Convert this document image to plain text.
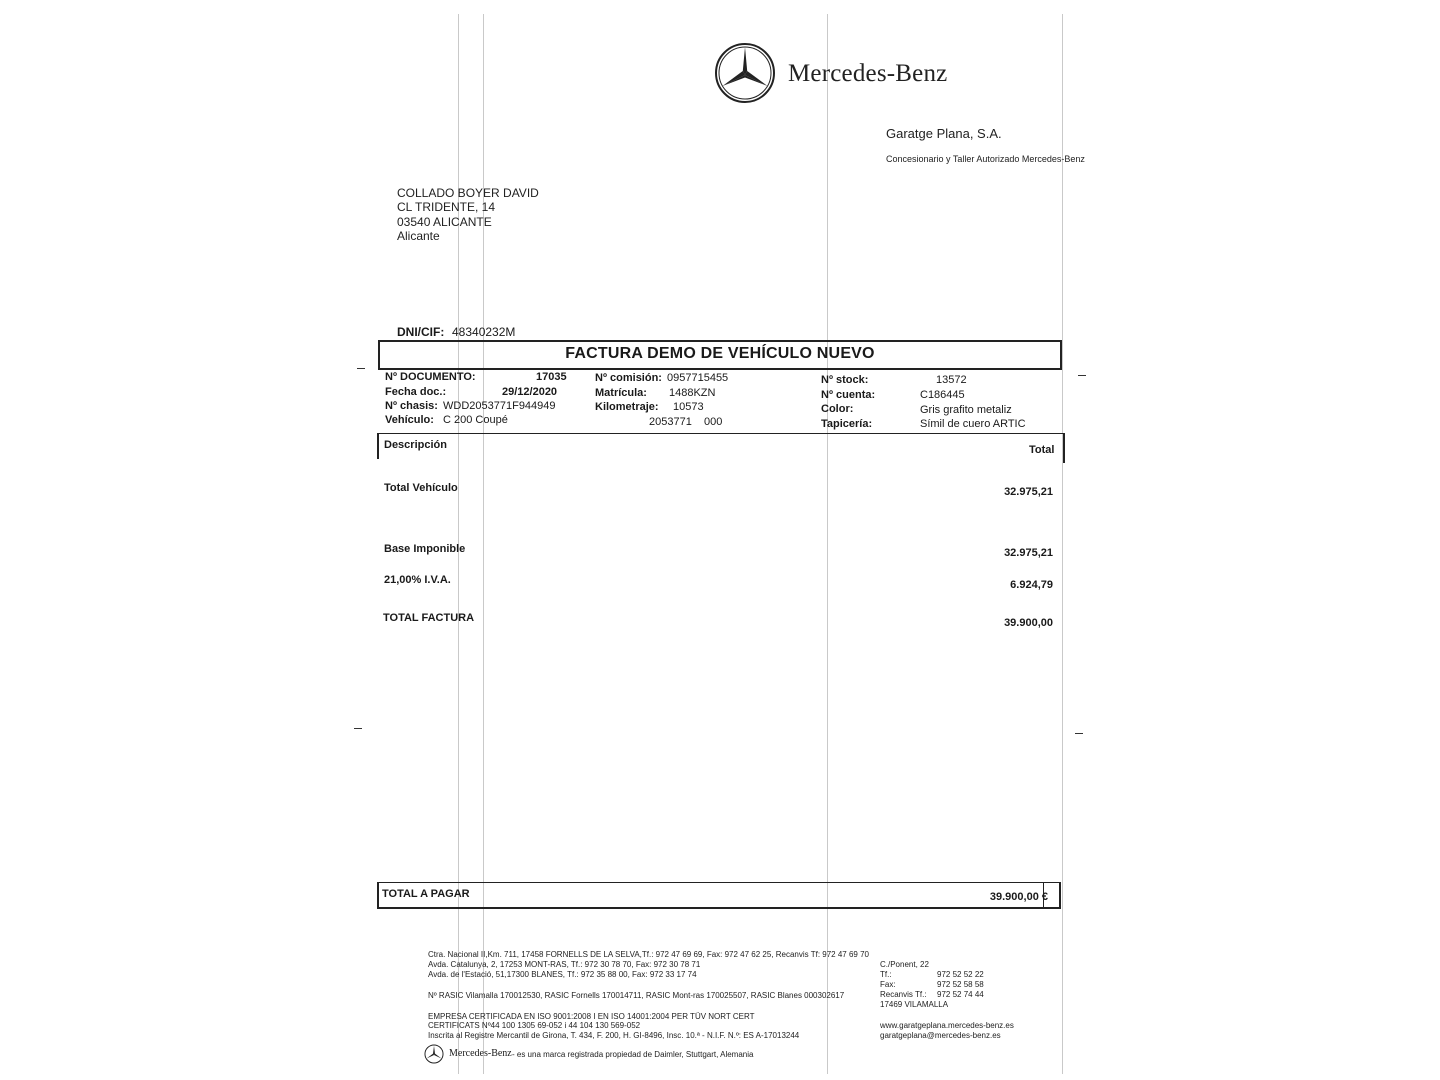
Mercedes-Benz
Garatge Plana, S.A.
Concesionario y Taller Autorizado Mercedes-Benz
COLLADO BOYER DAVID
CL TRIDENTE, 14
03540 ALICANTE
Alicante
DNI/CIF: 48340232M
FACTURA DEMO DE VEHÍCULO NUEVO
Nº DOCUMENTO:	17035
Fecha doc.:	29/12/2020
Nº chasis: WDD2053771F944949
Vehículo: C 200 Coupé
Nº comisión: 0957715455
Matrícula: 1488KZN
Kilometraje: 10573
2053771    000
Nº stock:	13572
Nº cuenta:	C186445
Color:	Gris grafito metaliz
Tapicería:	Símil de cuero ARTIC
Descripción	Total
Total Vehículo	32.975,21
Base Imponible	32.975,21
21,00% I.V.A.	6.924,79
TOTAL FACTURA	39.900,00
TOTAL A PAGAR	39.900,00 €
Ctra. Nacional II,Km. 711, 17458 FORNELLS DE LA SELVA,Tf.: 972 47 69 69, Fax: 972 47 62 25, Recanvis Tf: 972 47 69 70
Avda. Catalunya, 2, 17253 MONT-RAS, Tf.: 972 30 78 70, Fax: 972 30 78 71
Avda. de l'Estació, 51,17300 BLANES, Tf.: 972 35 88 00, Fax: 972 33 17 74
Nº RASIC Vilamalla 170012530, RASIC Fornells 170014711, RASIC Mont-ras 170025507, RASIC Blanes 000302617
EMPRESA CERTIFICADA EN ISO 9001:2008 I EN ISO 14001:2004 PER TÜV NORT CERT
CERTIFICATS Nº44 100 1305 69-052 i 44 104 130 569-052
Inscrita al Registre Mercantil de Girona, T. 434, F. 200, H. GI-8496, Insc. 10.ª - N.I.F. N.º: ES A-17013244
C./Ponent, 22
Tf.:	972 52 52 22
Fax:	972 52 58 58
Recanvis Tf.: 972 52 74 44
17469 VILAMALLA
www.garatgeplana.mercedes-benz.es
garatgeplana@mercedes-benz.es
Mercedes-Benz - es una marca registrada propiedad de Daimler, Stuttgart, Alemania
